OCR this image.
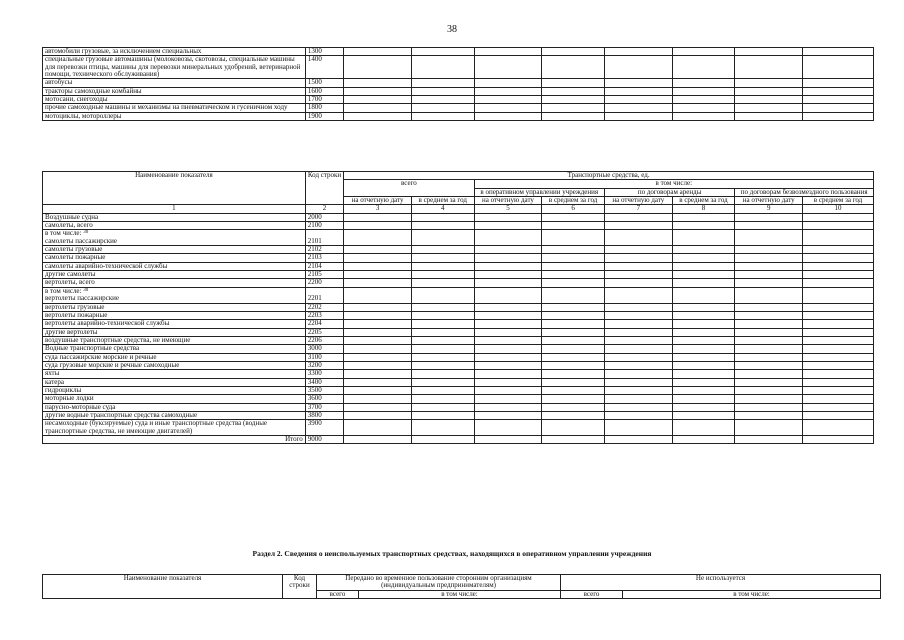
38
автомобили грузовые, за исключением специальных	1300								
специальные грузовые автомашины (молоковозы, скотовозы, специальные машины для перевозки птицы, машины для перевозки минеральных удобрений, ветеринарной помощи, технического обслуживания)	1400								
автобусы	1500								
тракторы самоходные комбайны	1600								
мотосани, снегоходы	1700								
прочие самоходные машины и механизмы на пневматическом и гусеничном ходу	1800								
мотоциклы, мотороллеры	1900								
Наименование показателя	Код строки	Транспортные средства, ед.							
		всего		в том числе:					
				в оперативном управлении учреждения		по договорам аренды		по договорам безвозмездного пользования	
		на отчетную дату	в среднем за год	на отчетную дату	в среднем за год	на отчетную дату	в среднем за год	на отчетную дату	в среднем за год
1	2	3	4	5	6	7	8	9	10
Воздушные судна	2000								
самолеты, всего	2100								

в том числе: $^{30}$
самолеты пассажирские	2101								
самолеты грузовые	2102								
самолеты пожарные	2103								
самолеты аварийно-технической службы	2104								
другие самолеты	2105								
вертолеты, всего	2200								

в том числе: $^{30}$
вертолеты пассажирские	2201								
вертолеты грузовые	2202								
вертолеты пожарные	2203								
вертолеты аварийно-технической службы	2204								
другие вертолеты	2205								
воздушные транспортные средства, не имеющие	2206								
Водные транспортные средства	3000								
суда пассажирские морские и речные	3100								
суда грузовые морские и речные самоходные	3200								
яхты	3300								
катера	3400								
гидроциклы	3500								
моторные лодки	3600								
парусно-моторные суда	3700								
другие водные транспортные средства самоходные	3800								
несамоходные (буксируемые) суда и иные транспортные средства (водные транспортные средства, не имеющие двигателей)	3900								
Итого	9000								
Раздел 2. Сведения о неиспользуемых транспортных средствах, находящихся в оперативном управлении учреждения
Наименование показателя	Код строки	Передано во временное пользование сторонним организациям (индивидуальным предпринимателям)		Не используется	
		всего	в том числе:	всего	в том числе:
